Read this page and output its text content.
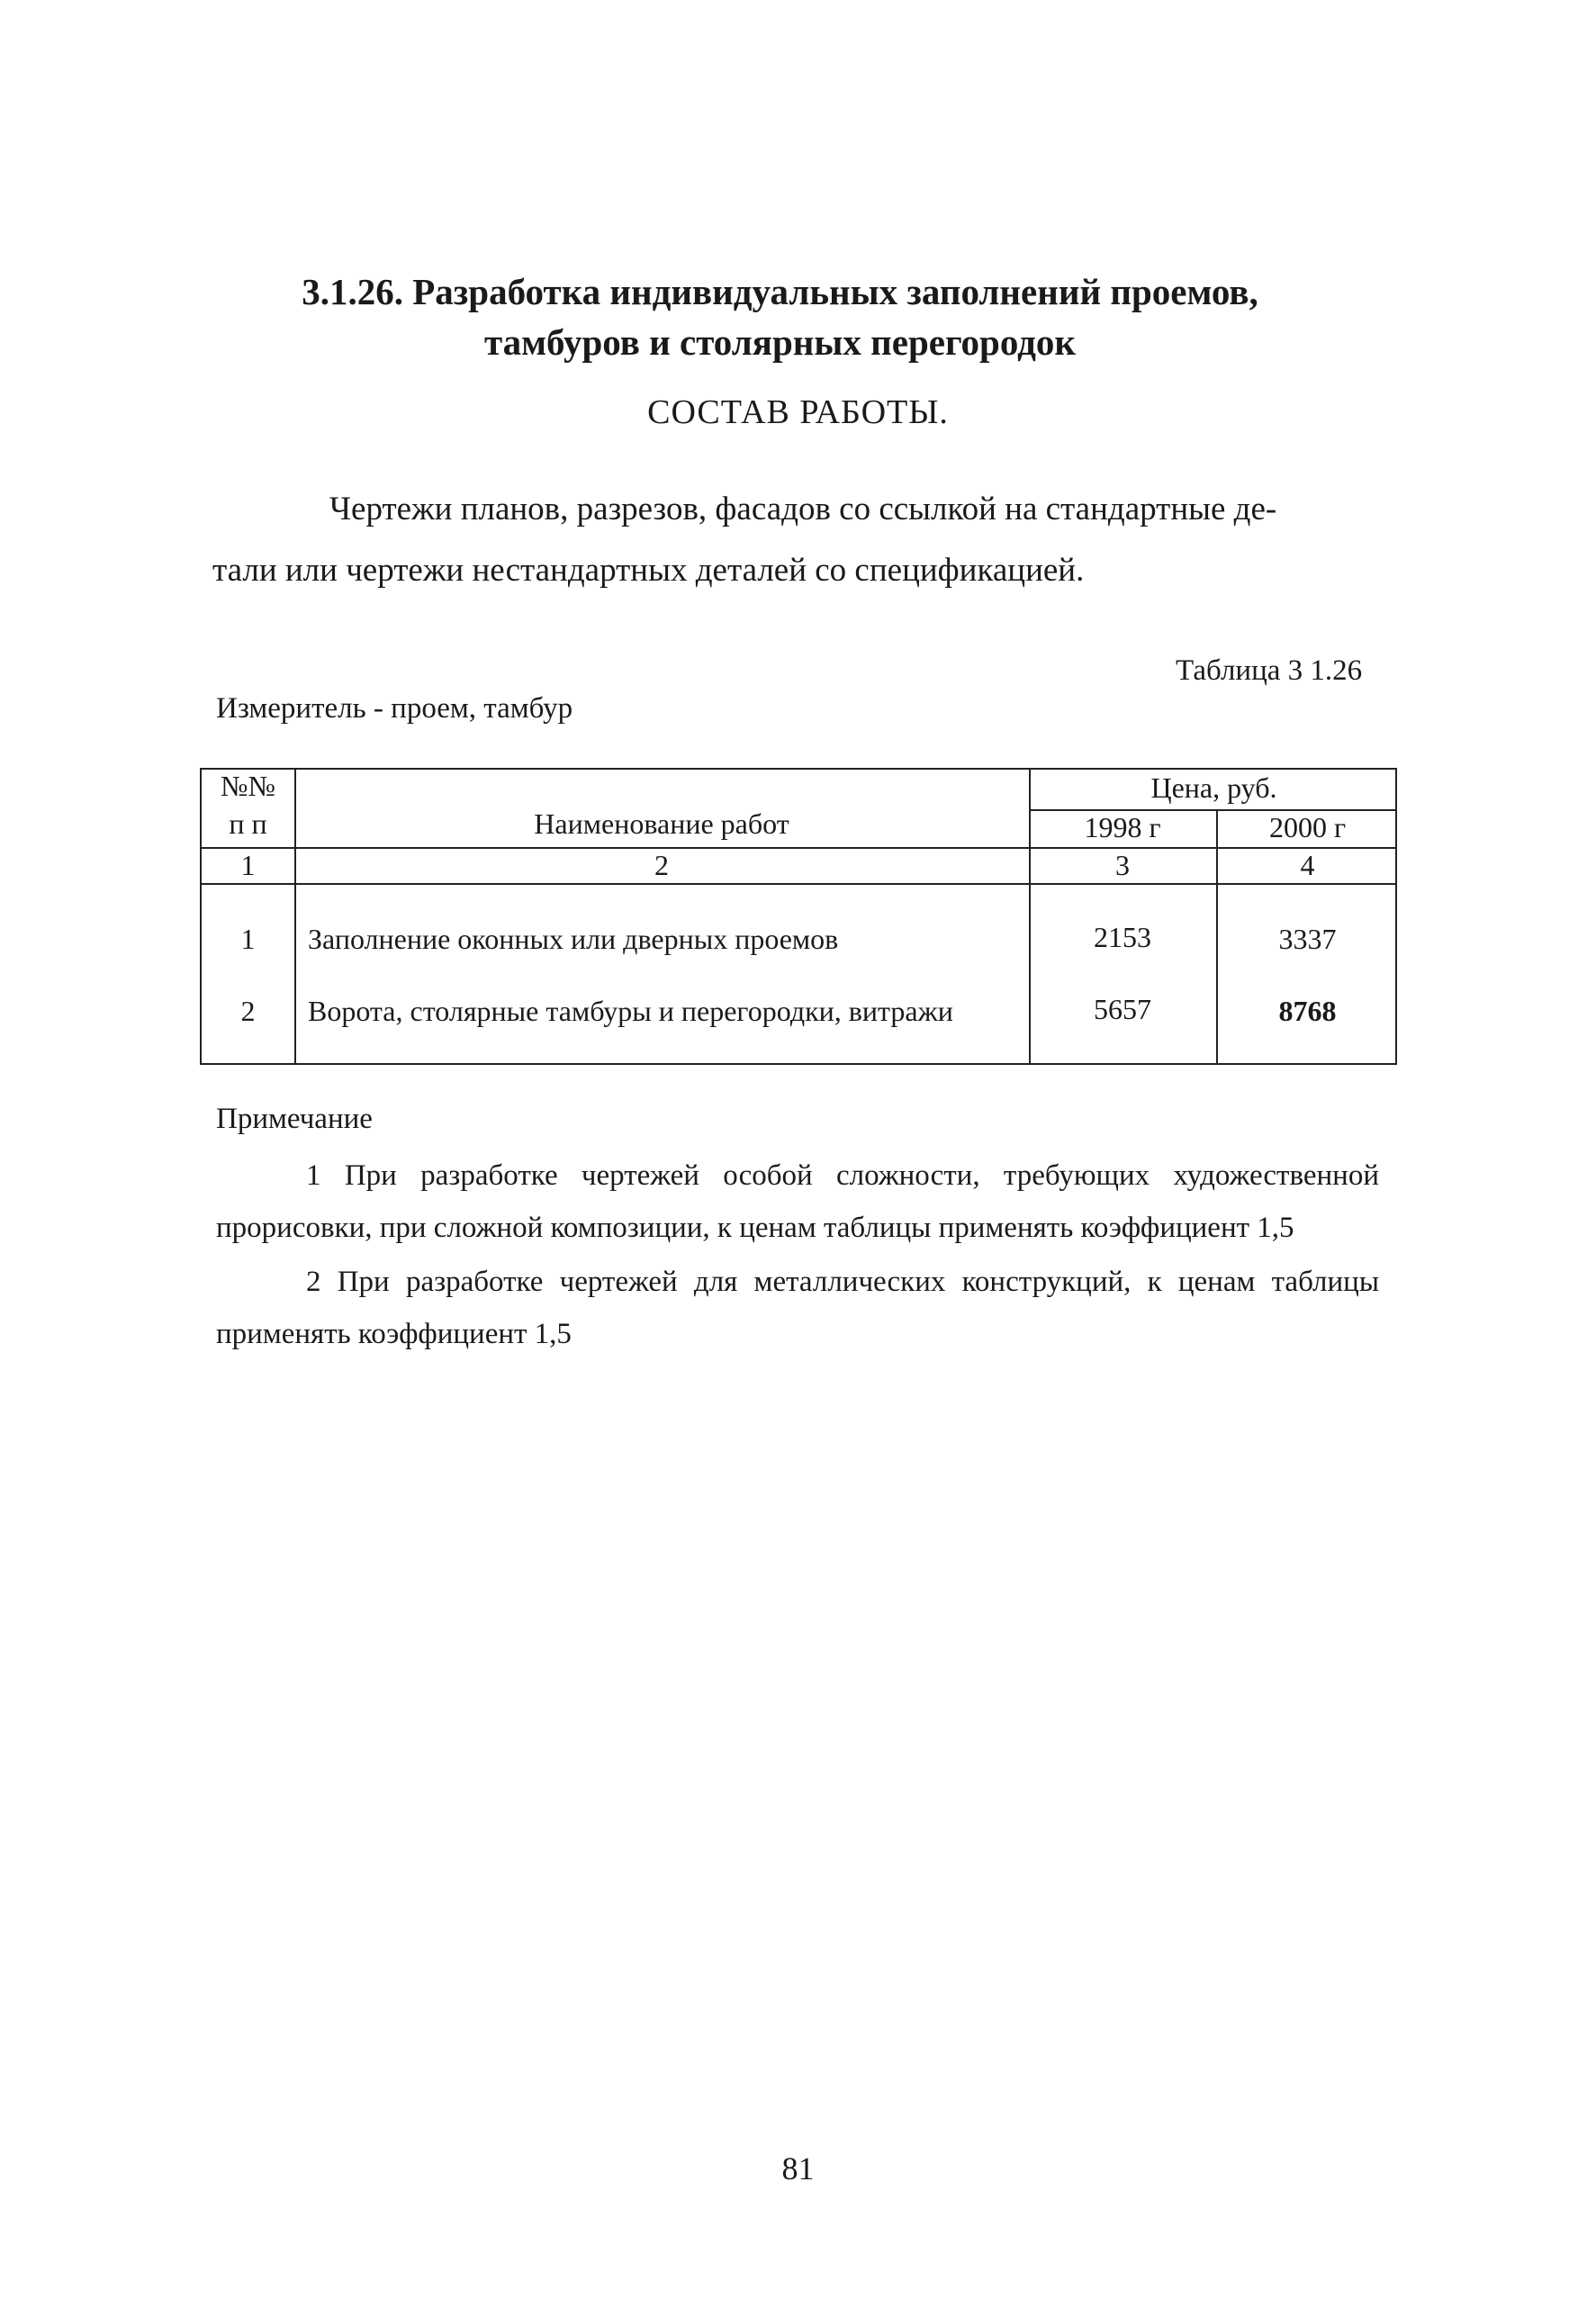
3.1.26. Разработка индивидуальных заполнений проемов,
тамбуров и столярных перегородок
СОСТАВ РАБОТЫ.
Чертежи планов, разрезов, фасадов со ссылкой на стандартные де-
тали или чертежи нестандартных деталей со спецификацией.
Таблица 3 1.26
Измеритель - проем, тамбур
№№
п п	Наименование работ
Цена, руб.
1998 г	2000 г
1	2	3	4
1	Заполнение оконных или дверных проемов	2153	3337
2	Ворота, столярные тамбуры и перегородки, витражи	5657	8768
Примечание
1 При разработке чертежей особой сложности, требующих художественной
прорисовки, при сложной композиции, к ценам таблицы применять коэффициент 1,5
2 При разработке чертежей для металлических конструкций, к ценам таблицы
применять коэффициент 1,5
81
